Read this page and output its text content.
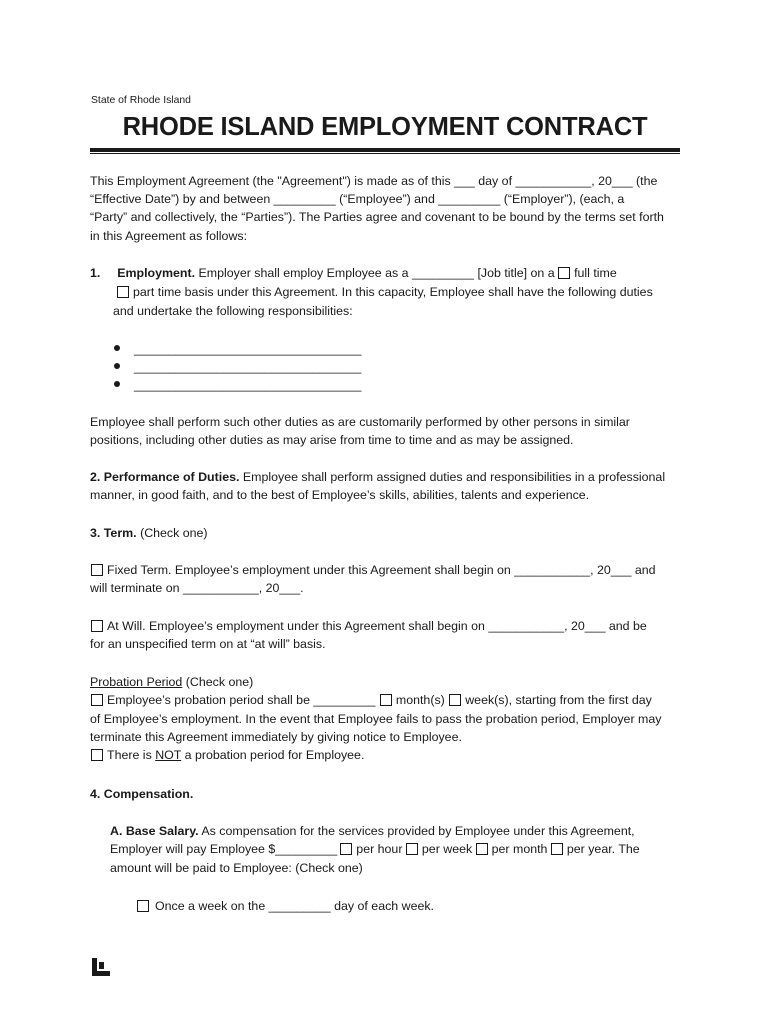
State of Rhode Island
RHODE ISLAND EMPLOYMENT CONTRACT
This Employment Agreement (the "Agreement") is made as of this ___ day of ___________, 20___ (the
“Effective Date”) by and between _________ (“Employee”) and _________ (“Employer”), (each, a
“Party” and collectively, the “Parties”). The Parties agree and covenant to be bound by the terms set forth
in this Agreement as follows:
1. Employment. Employer shall employ Employee as a _________ [Job title] on a full time
part time basis under this Agreement. In this capacity, Employee shall have the following duties
and undertake the following responsibilities:
_________________________________
_________________________________
_________________________________
Employee shall perform such other duties as are customarily performed by other persons in similar
positions, including other duties as may arise from time to time and as may be assigned.
2. Performance of Duties. Employee shall perform assigned duties and responsibilities in a professional
manner, in good faith, and to the best of Employee’s skills, abilities, talents and experience.
3. Term. (Check one)
Fixed Term. Employee’s employment under this Agreement shall begin on ___________, 20___ and
will terminate on ___________, 20___.
At Will. Employee’s employment under this Agreement shall begin on ___________, 20___ and be
for an unspecified term on at “at will” basis.
Probation Period (Check one)
Employee’s probation period shall be _________ month(s) week(s), starting from the first day
of Employee’s employment. In the event that Employee fails to pass the probation period, Employer may
terminate this Agreement immediately by giving notice to Employee.
There is NOT a probation period for Employee.
4. Compensation.
A. Base Salary. As compensation for the services provided by Employee under this Agreement,
Employer will pay Employee $_________ per hour per week per month per year. The
amount will be paid to Employee: (Check one)
Once a week on the _________ day of each week.
